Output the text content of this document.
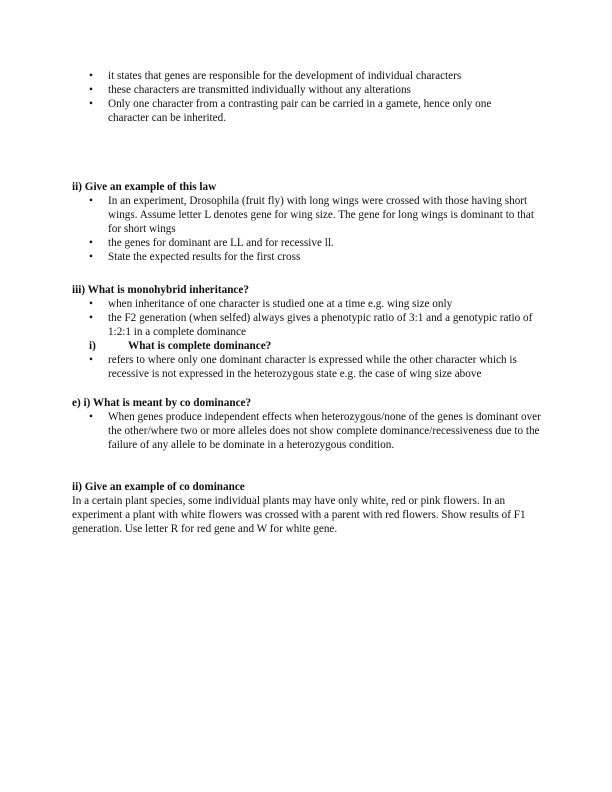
• it states that genes are responsible for the development of individual characters
• these characters are transmitted individually without any alterations
• Only one character from a contrasting pair can be carried in a gamete, hence only one character can be inherited.
ii) Give an example of this law
• In an experiment, Drosophila (fruit fly) with long wings were crossed with those having short wings. Assume letter L denotes gene for wing size. The gene for long wings is dominant to that for short wings
• the genes for dominant are LL and for recessive ll.
• State the expected results for the first cross
iii) What is monohybrid inheritance?
• when inheritance of one character is studied one at a time e.g. wing size only
• the F2 generation (when selfed) always gives a phenotypic ratio of 3:1 and a genotypic ratio of 1:2:1 in a complete dominance
i)	What is complete dominance?
• refers to where only one dominant character is expressed while the other character which is recessive is not expressed in the heterozygous state e.g. the case of wing size above
e) i) What is meant by co dominance?
• When genes produce independent effects when heterozygous/none of the genes is dominant over the other/where two or more alleles does not show complete dominance/recessiveness due to the failure of any allele to be dominate in a heterozygous condition.
ii) Give an example of co dominance

In a certain plant species, some individual plants may have only white, red or pink flowers. In an experiment a plant with white flowers was crossed with a parent with red flowers. Show results of F1 generation. Use letter R for red gene and W for white gene.
